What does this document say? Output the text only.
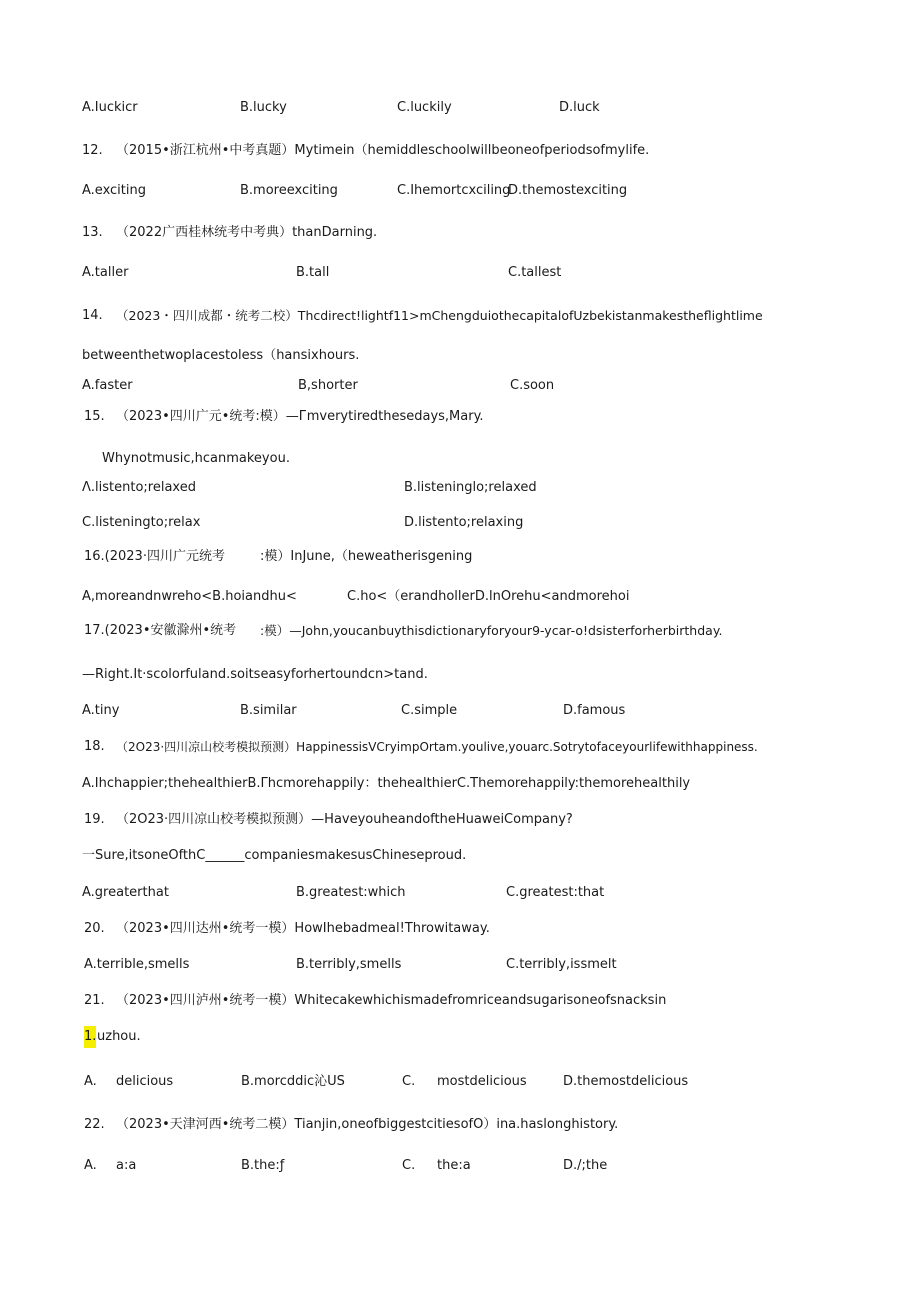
A.Iuckicr	B.lucky	C.luckily	D.luck
12. （2015•浙江杭州•中考真题）Mytimein（hemiddleschoolwillbeoneofperiodsofmylife.
A.exciting	B.moreexciting	C.Ihemortcxciling
D.themostexciting
13. （2022广西桂林统考中考典）thanDarning.
A.taller	B.tall	C.tallest
14. （2023・四川成都・统考二校）Thcdirect!lightf11>mChengduiothecapitalofUzbekistanmakestheflightlime
betweenthetwoplacestoless（hansixhours.
A.faster	B,shorter	C.soon
15. （2023•四川广元•统考:模）—Гmverytiredthesedays,Mary.
Whynotmusic,hcanmakeyou.
Λ.listento;relaxed	B.listeninglo;relaxed
C.listeningto;relax	D.listento;relaxing
16.(2023·四川广元统考	:模）InJune,（heweatherisgening
A,moreandnwreho<B.hoiandhu<	C.ho<（erandhollerD.lnOrehu<andmorehoi
17.(2023•安徽滁州•统考 :模）—John,youcanbuythisdictionaryforyour9-ycar-o!dsisterforherbirthday.
—Right.It·scolorfuland.soitseasyforhertoundcn>tand.
A.tiny	B.similar	C.simple	D.famous
18. （2O23·四川凉山校考模拟预测）HappinessisVCryimpOrtam.youlive,youarc.Sotrytofaceyourlifewithhappiness.
A.Ihchappier;thehealthierB.Γhcmorehappily：thehealthierC.Themorehappily:themorehealthily
19. （2O23·四川凉山校考模拟预测）—HaveyouheandoftheHuaweiCompany?
一Sure,itsoneOfthC______companiesmakesusChineseproud.
A.greaterthat	B.greatest:which	C.greatest:that
20. （2023•四川达州•统考一模）HowIhebadmeal!Throwitaway.
A.terrible,smells	B.terribly,smells	C.terribly,issmelt
21. （2023•四川泸州•统考一模）Whitecakewhichismadefromriceandsugarisoneofsnacksin
1. uzhou.
A. delicious	B.morcddic沁US	C. mostdelicious	D.themostdelicious
22. （2023•天津河西•统考二模）Tianjin,oneofbiggestcitiesofO）ina.haslonghistory.
A. a:a	B.the:ƒ	C. the:a	D./;the
